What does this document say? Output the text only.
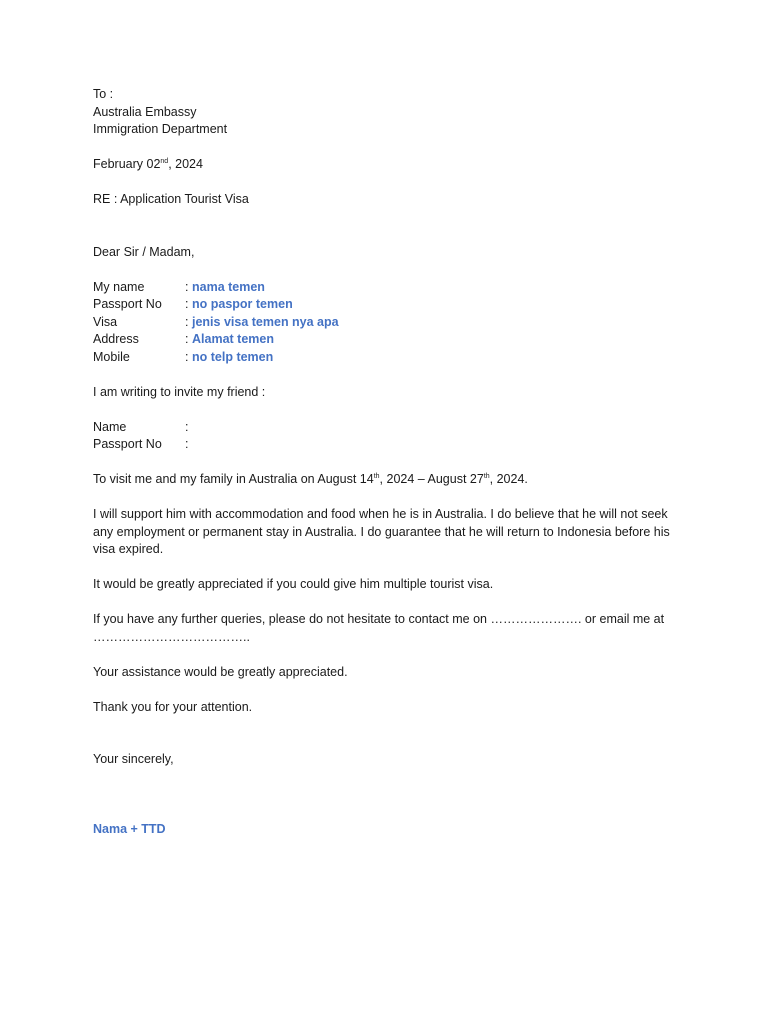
To :
Australia Embassy
Immigration Department
February 02nd, 2024
RE : Application Tourist Visa
Dear Sir / Madam,
My name	: nama temen
Passport No	: no paspor temen
Visa	: jenis visa temen nya apa
Address	: Alamat temen
Mobile	: no telp temen
I am writing to invite my friend :
Name	:
Passport No	:
To visit me and my family in Australia on August 14th, 2024 – August 27th, 2024.
I will support him with accommodation and food when he is in Australia. I do believe that he will not seek any employment or permanent stay in Australia. I do guarantee that he will return to Indonesia before his visa expired.
It would be greatly appreciated if you could give him multiple tourist visa.
If you have any further queries, please do not hesitate to contact me on …………………. or email me at
………………………………..
Your assistance would be greatly appreciated.
Thank you for your attention.
Your sincerely,
Nama + TTD
